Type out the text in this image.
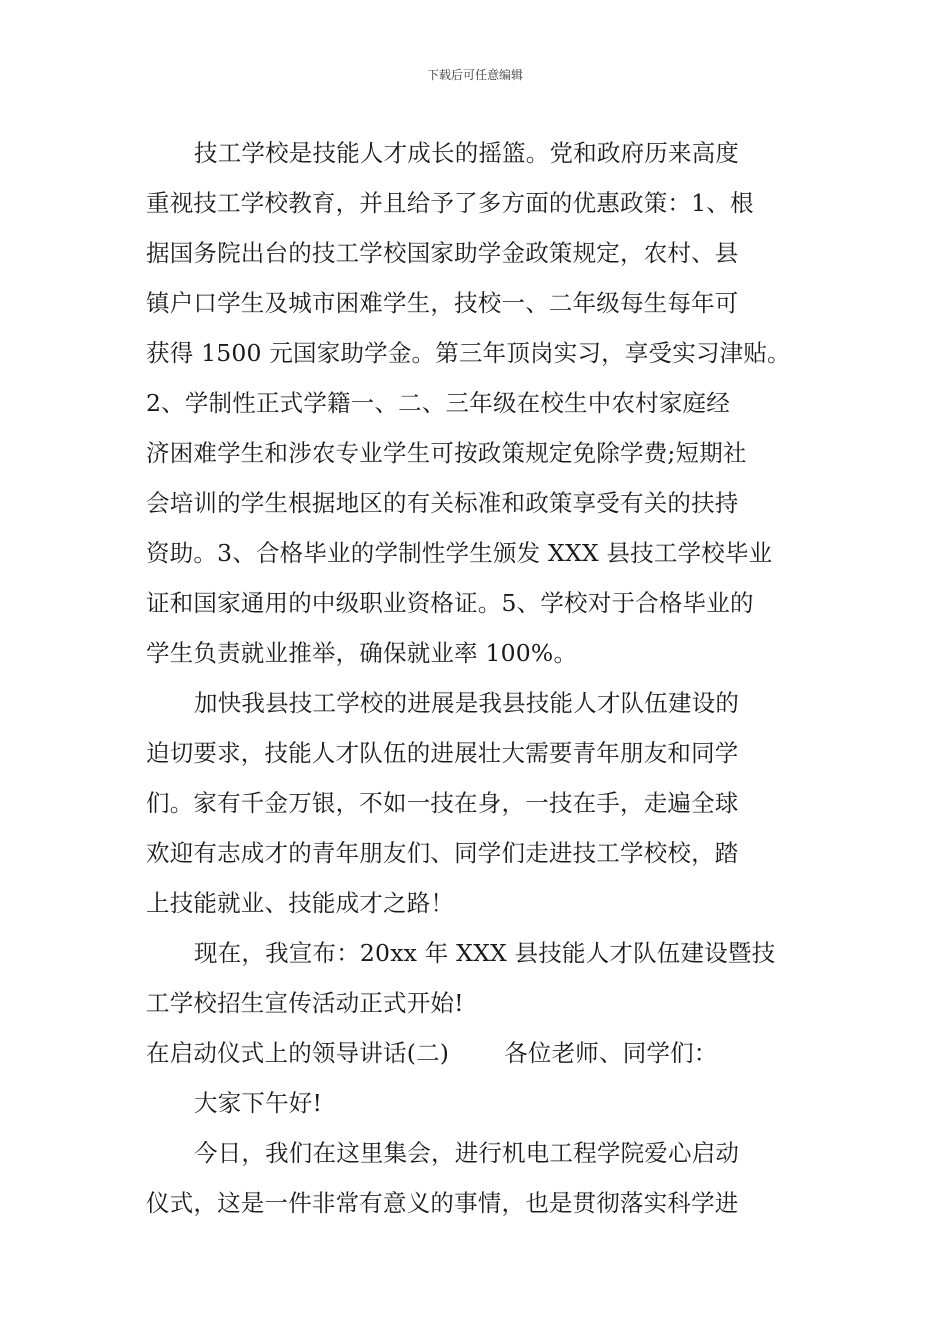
下载后可任意编辑
技工学校是技能人才成长的摇篮。党和政府历来高度
重视技工学校教育，并且给予了多方面的优惠政策：1、根
据国务院出台的技工学校国家助学金政策规定，农村、县
镇户口学生及城市困难学生，技校一、二年级每生每年可
获得 1500 元国家助学金。第三年顶岗实习，享受实习津贴。
2、学制性正式学籍一、二、三年级在校生中农村家庭经
济困难学生和涉农专业学生可按政策规定免除学费;短期社
会培训的学生根据地区的有关标准和政策享受有关的扶持
资助。3、合格毕业的学制性学生颁发 XXX 县技工学校毕业
证和国家通用的中级职业资格证。5、学校对于合格毕业的
学生负责就业推举，确保就业率 100%。
加快我县技工学校的进展是我县技能人才队伍建设的
迫切要求，技能人才队伍的进展壮大需要青年朋友和同学
们。家有千金万银，不如一技在身，一技在手，走遍全球
欢迎有志成才的青年朋友们、同学们走进技工学校校，踏
上技能就业、技能成才之路！
现在，我宣布：20xx 年 XXX 县技能人才队伍建设暨技
工学校招生宣传活动正式开始!
在启动仪式上的领导讲话(二)　　 各位老师、同学们：
大家下午好!
今日，我们在这里集会，进行机电工程学院爱心启动
仪式，这是一件非常有意义的事情，也是贯彻落实科学进
